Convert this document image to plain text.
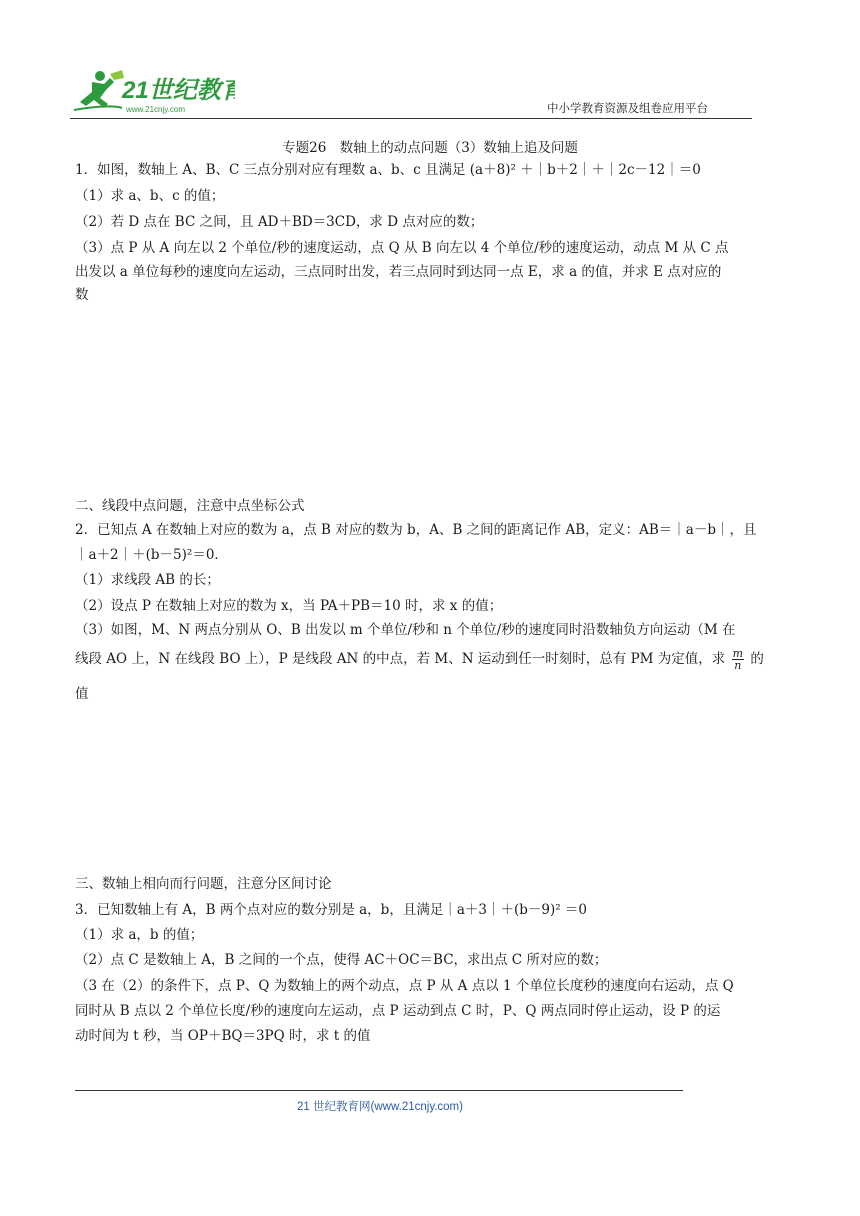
21世纪教育
www.21cnjy.com	中小学教育资源及组卷应用平台
专题26　数轴上的动点问题（3）数轴上追及问题
1．如图，数轴上 A、B、C 三点分别对应有理数 a、b、c 且满足 (a＋8)² ＋｜b＋2｜＋｜2c－12｜＝0
（1）求 a、b、c 的值；
（2）若 D 点在 BC 之间，且 AD＋BD＝3CD，求 D 点对应的数；
（3）点 P 从 A 向左以 2 个单位/秒的速度运动，点 Q 从 B 向左以 4 个单位/秒的速度运动，动点 M 从 C 点
出发以 a 单位每秒的速度向左运动，三点同时出发，若三点同时到达同一点 E，求 a 的值，并求 E 点对应的
数
二、线段中点问题，注意中点坐标公式
2．已知点 A 在数轴上对应的数为 a，点 B 对应的数为 b，A、B 之间的距离记作 AB，定义：AB＝｜a－b｜，且
｜a＋2｜＋(b－5)²＝0．
（1）求线段 AB 的长；
（2）设点 P 在数轴上对应的数为 x，当 PA＋PB＝10 时，求 x 的值；
（3）如图，M、N 两点分别从 O、B 出发以 m 个单位/秒和 n 个单位/秒的速度同时沿数轴负方向运动（M 在
线段 AO 上，N 在线段 BO 上），P 是线段 AN 的中点，若 M、N 运动到任一时刻时，总有 PM 为定值，求 $\frac{m}{n}$ 的
值
三、数轴上相向而行问题，注意分区间讨论
3．已知数轴上有 A，B 两个点对应的数分别是 a，b，且满足｜a＋3｜＋(b－9)² ＝0
（1）求 a，b 的值；
（2）点 C 是数轴上 A，B 之间的一个点，使得 AC＋OC＝BC，求出点 C 所对应的数；
（3 在（2）的条件下，点 P、Q 为数轴上的两个动点，点 P 从 A 点以 1 个单位长度秒的速度向右运动，点 Q
同时从 B 点以 2 个单位长度/秒的速度向左运动，点 P 运动到点 C 时，P、Q 两点同时停止运动，设 P 的运
动时间为 t 秒，当 OP＋BQ＝3PQ 时，求 t 的值
21 世纪教育网(www.21cnjy.com)
